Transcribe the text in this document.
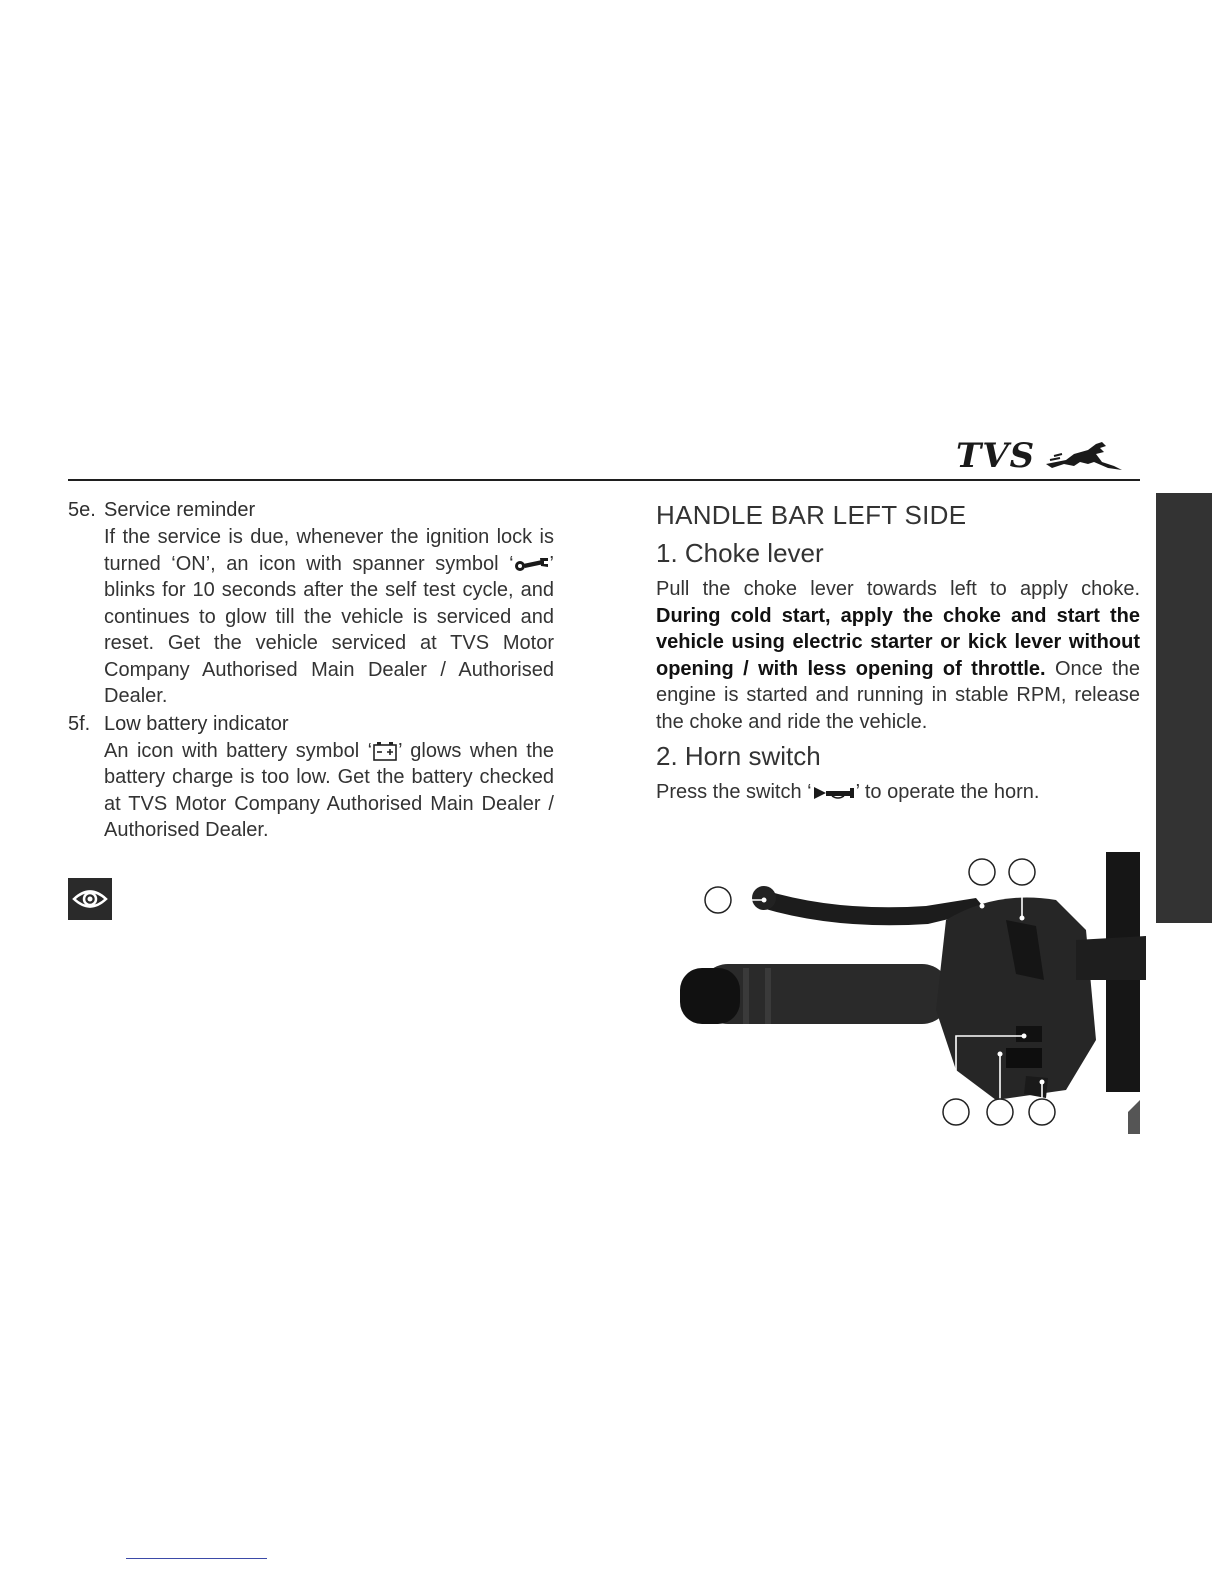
TVS
5e. Service reminder
If the service is due, whenever the ignition lock is turned ‘ON’, an icon with spanner symbol ‘ ’ blinks for 10 seconds after the self test cycle, and continues to glow till the vehicle is serviced and reset. Get the vehicle serviced at TVS Motor Company Authorised Main Dealer / Authorised Dealer.
5f. Low battery indicator
An icon with battery symbol ‘ ’ glows when the battery charge is too low. Get the battery checked at TVS Motor Company Authorised Main Dealer / Authorised Dealer.
HANDLE BAR LEFT SIDE
1. Choke lever
Pull the choke lever towards left to apply choke. During cold start, apply the choke and start the vehicle using electric starter or kick lever without opening / with less opening of throttle. Once the engine is started and running in stable RPM, release the choke and ride the vehicle.
2. Horn switch
Press the switch ‘ ’ to operate the horn.
